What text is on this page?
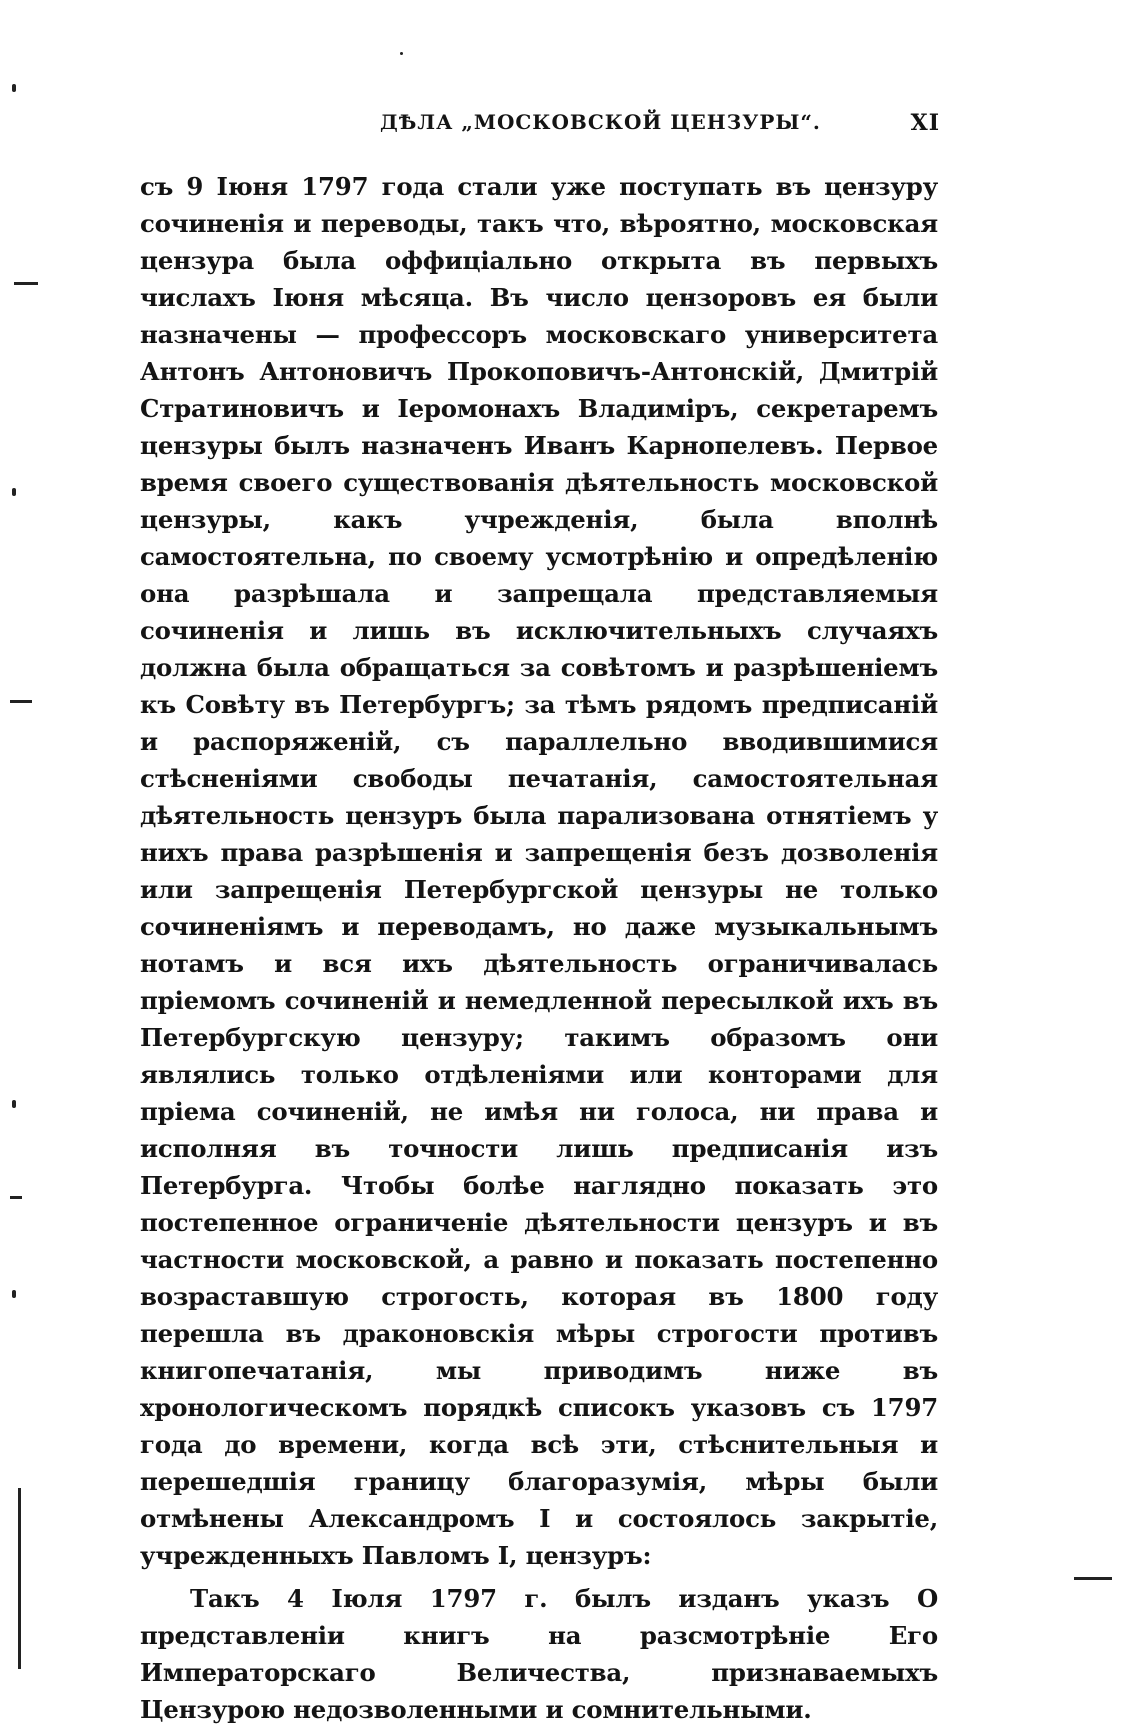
ДѢЛА „МОСКОВСКОЙ ЦЕНЗУРЫ“.	XI

съ 9 Іюня 1797 года стали уже поступать въ цензуру сочиненія и переводы, такъ что, вѣроятно, московская цензура была оффиціально открыта въ первыхъ числахъ Іюня мѣсяца. Въ число цензоровъ ея были назначены — профессоръ московскаго университета Антонъ Антоновичъ Прокоповичъ-Антонскій, Дмитрій Стратиновичъ и Іеромонахъ Владиміръ, секретаремъ цензуры былъ назначенъ Иванъ Карнопелевъ. Первое время своего существованія дѣятельность московской цензуры, какъ учрежденія, была вполнѣ самостоятельна, по своему усмотрѣнію и опредѣленію она разрѣшала и запрещала представляемыя сочиненія и лишь въ исключительныхъ случаяхъ должна была обращаться за совѣтомъ и разрѣшеніемъ къ Совѣту въ Петербургъ; за тѣмъ рядомъ предписаній и распоряженій, съ параллельно вводившимися стѣсненіями свободы печатанія, самостоятельная дѣятельность цензуръ была парализована отнятіемъ у нихъ права разрѣшенія и запрещенія безъ дозволенія или запрещенія Петербургской цензуры не только сочиненіямъ и переводамъ, но даже музыкальнымъ нотамъ и вся ихъ дѣятельность ограничивалась пріемомъ сочиненій и немедленной пересылкой ихъ въ Петербургскую цензуру; такимъ образомъ они являлись только отдѣленіями или конторами для пріема сочиненій, не имѣя ни голоса, ни права и исполняя въ точности лишь предписанія изъ Петербурга. Чтобы болѣе наглядно показать это постепенное ограниченіе дѣятельности цензуръ и въ частности московской, а равно и показать постепенно возраставшую строгость, которая въ 1800 году перешла въ драконовскія мѣры строгости противъ книгопечатанія, мы приводимъ ниже въ хронологическомъ порядкѣ списокъ указовъ съ 1797 года до времени, когда всѣ эти, стѣснительныя и перешедшія границу благоразумія, мѣры были отмѣнены Александромъ I и состоялось закрытіе, учрежденныхъ Павломъ I, цензуръ:

Такъ 4 Іюля 1797 г. былъ изданъ указъ О представленіи книгъ на разсмотрѣніе Его Императорскаго Величества, признаваемыхъ Цензурою недозволенными и сомнительными.
